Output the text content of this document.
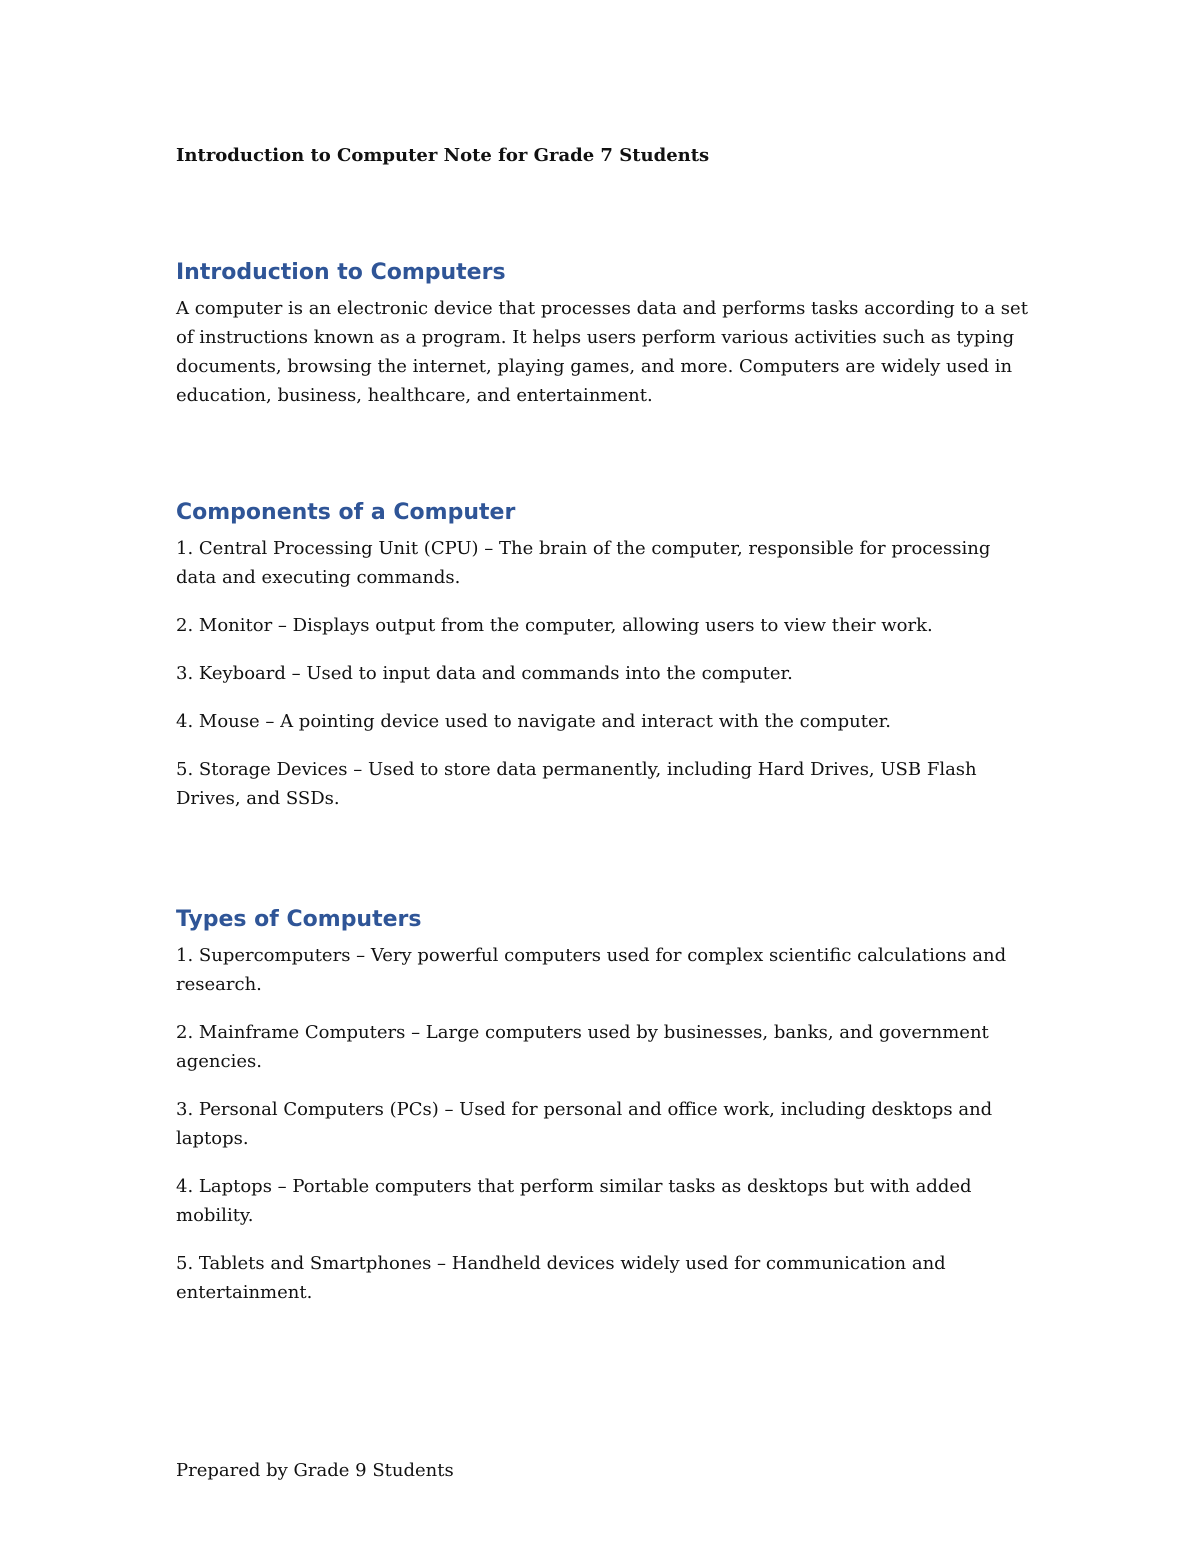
Introduction to Computer Note for Grade 7 Students

Introduction to Computers

A computer is an electronic device that processes data and performs tasks according to a set of instructions known as a program. It helps users perform various activities such as typing documents, browsing the internet, playing games, and more. Computers are widely used in education, business, healthcare, and entertainment.

Components of a Computer

1. Central Processing Unit (CPU) – The brain of the computer, responsible for processing data and executing commands.

2. Monitor – Displays output from the computer, allowing users to view their work.

3. Keyboard – Used to input data and commands into the computer.

4. Mouse – A pointing device used to navigate and interact with the computer.

5. Storage Devices – Used to store data permanently, including Hard Drives, USB Flash Drives, and SSDs.

Types of Computers

1. Supercomputers – Very powerful computers used for complex scientific calculations and research.

2. Mainframe Computers – Large computers used by businesses, banks, and government agencies.

3. Personal Computers (PCs) – Used for personal and office work, including desktops and laptops.

4. Laptops – Portable computers that perform similar tasks as desktops but with added mobility.

5. Tablets and Smartphones – Handheld devices widely used for communication and entertainment.

Prepared by Grade 9 Students
